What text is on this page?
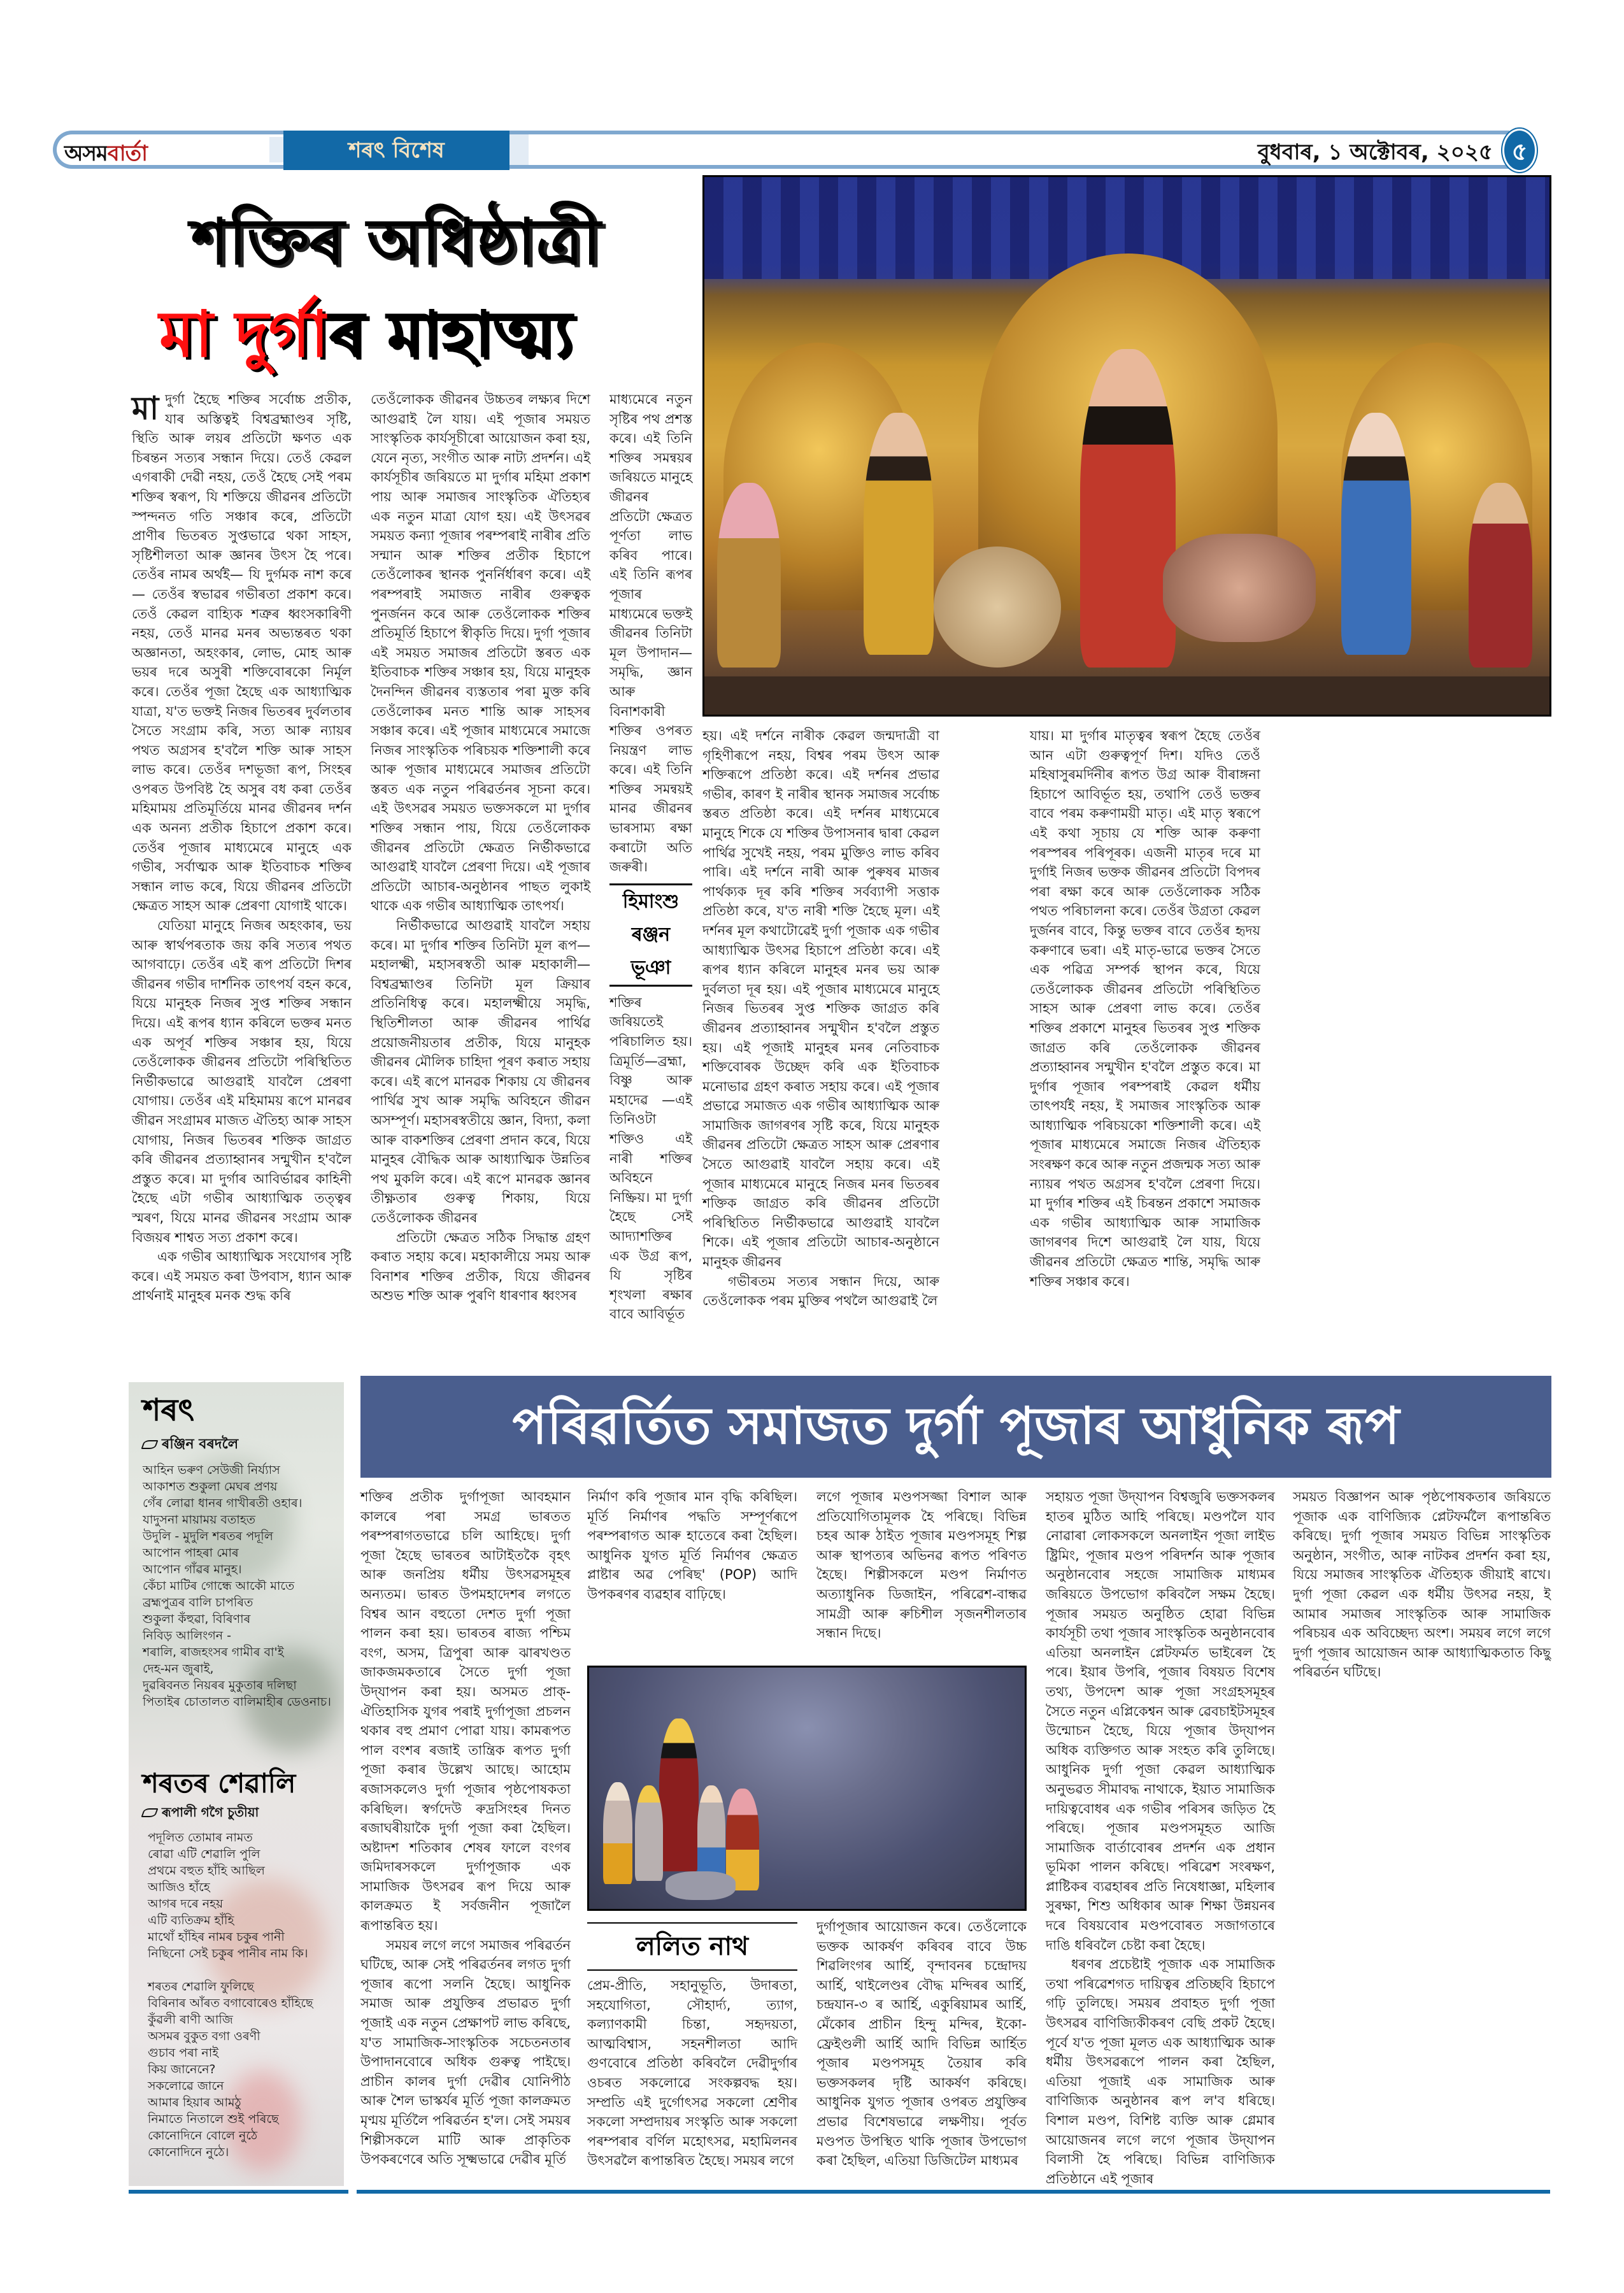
অসমবাৰ্তা	শৰৎ বিশেষ	বুধবাৰ, ১ অক্টোবৰ, ২০২৫ ৫
শক্তিৰ অধিষ্ঠাত্ৰী
মা দুৰ্গাৰ মাহাত্ম্য

মাদুৰ্গা হৈছে শক্তিৰ সৰ্বোচ্চ প্ৰতীক, যাৰ অস্তিত্বই বিশ্বব্ৰহ্মাণ্ডৰ সৃষ্টি, স্থিতি আৰু লয়ৰ প্ৰতিটো ক্ষণত এক চিৰন্তন সত্যৰ সন্ধান দিয়ে। তেওঁ কেৱল এগৰাকী দেৱী নহয়, তেওঁ হৈছে সেই পৰম শক্তিৰ স্বৰূপ, যি শক্তিয়ে জীৱনৰ প্ৰতিটো স্পন্দনত গতি সঞ্চাৰ কৰে, প্ৰতিটো প্ৰাণীৰ ভিতৰত সুপ্তভাৱে থকা সাহস, সৃষ্টিশীলতা আৰু জ্ঞানৰ উৎস হৈ পৰে। তেওঁৰ নামৰ অৰ্থই— যি দুৰ্গমক নাশ কৰে— তেওঁৰ স্বভাৱৰ গভীৰতা প্ৰকাশ কৰে। তেওঁ কেৱল বাহ্যিক শত্ৰুৰ ধ্বংসকাৰিণী নহয়, তেওঁ মানৱ মনৰ অভ্যন্তৰত থকা অজ্ঞানতা, অহংকাৰ, লোভ, মোহ আৰু ভয়ৰ দৰে অসুৰী শক্তিবোৰকো নিৰ্মূল কৰে। তেওঁৰ পূজা হৈছে এক আধ্যাত্মিক যাত্ৰা, য'ত ভক্তই নিজৰ ভিতৰৰ দুৰ্বলতাৰ সৈতে সংগ্ৰাম কৰি, সত্য আৰু ন্যায়ৰ পথত অগ্ৰসৰ হ'বলৈ শক্তি আৰু সাহস লাভ কৰে। তেওঁৰ দশভূজা ৰূপ, সিংহৰ ওপৰত উপবিষ্ট হৈ অসুৰ বধ কৰা তেওঁৰ মহিমাময় প্ৰতিমূৰ্তিয়ে মানৱ জীৱনৰ দৰ্শন এক অনন্য প্ৰতীক হিচাপে প্ৰকাশ কৰে। তেওঁৰ পূজাৰ মাধ্যমেৰে মানুহে এক গভীৰ, সৰ্বাত্মক আৰু ইতিবাচক শক্তিৰ সন্ধান লাভ কৰে, যিয়ে জীৱনৰ প্ৰতিটো ক্ষেত্ৰত সাহস আৰু প্ৰেৰণা যোগাই থাকে।

যেতিয়া মানুহে নিজৰ অহংকাৰ, ভয় আৰু স্বাৰ্থপৰতাক জয় কৰি সত্যৰ পথত আগবাঢ়ে। তেওঁৰ এই ৰূপ প্ৰতিটো দিশৰ জীৱনৰ গভীৰ দাৰ্শনিক তাৎপৰ্য বহন কৰে, যিয়ে মানুহক নিজৰ সুপ্ত শক্তিৰ সন্ধান দিয়ে। এই ৰূপৰ ধ্যান কৰিলে ভক্তৰ মনত এক অপূৰ্ব শক্তিৰ সঞ্চাৰ হয়, যিয়ে তেওঁলোকক জীৱনৰ প্ৰতিটো পৰিস্থিতিত নিৰ্ভীকভাৱে আগুৱাই যাবলৈ প্ৰেৰণা যোগায়। তেওঁৰ এই মহিমাময় ৰূপে মানৱৰ জীৱন সংগ্ৰামৰ মাজত ঐতিহ্য আৰু সাহস যোগায়, নিজৰ ভিতৰৰ শক্তিক জাগ্ৰত কৰি জীৱনৰ প্ৰত্যাহ্বানৰ সন্মুখীন হ'বলৈ প্ৰস্তুত কৰে। মা দুৰ্গাৰ আবিৰ্ভাৱৰ কাহিনী হৈছে এটা গভীৰ আধ্যাত্মিক তত্ত্বৰ স্মৰণ, যিয়ে মানৱ জীৱনৰ সংগ্ৰাম আৰু বিজয়ৰ শাশ্বত সত্য প্ৰকাশ কৰে।

এক গভীৰ আধ্যাত্মিক সংযোগৰ সৃষ্টি কৰে। এই সময়ত কৰা উপবাস, ধ্যান আৰু প্ৰাৰ্থনাই মানুহৰ মনক শুদ্ধ কৰি

তেওঁলোকক জীৱনৰ উচ্চতৰ লক্ষ্যৰ দিশে আগুৱাই লৈ যায়। এই পূজাৰ সময়ত সাংস্কৃতিক কাৰ্যসূচীৰো আয়োজন কৰা হয়, যেনে নৃত্য, সংগীত আৰু নাট্য প্ৰদৰ্শন। এই কাৰ্যসূচীৰ জৰিয়তে মা দুৰ্গাৰ মহিমা প্ৰকাশ পায় আৰু সমাজৰ সাংস্কৃতিক ঐতিহ্যৰ এক নতুন মাত্ৰা যোগ হয়। এই উৎসৱৰ সময়ত কন্যা পূজাৰ পৰম্পৰাই নাৰীৰ প্ৰতি সন্মান আৰু শক্তিৰ প্ৰতীক হিচাপে তেওঁলোকৰ স্থানক পুনৰ্নিৰ্ধাৰণ কৰে। এই পৰম্পৰাই সমাজত নাৰীৰ গুৰুত্বক পুনৰ্জনন কৰে আৰু তেওঁলোকক শক্তিৰ প্ৰতিমূৰ্তি হিচাপে স্বীকৃতি দিয়ে। দুৰ্গা পূজাৰ এই সময়ত সমাজৰ প্ৰতিটো স্তৰত এক ইতিবাচক শক্তিৰ সঞ্চাৰ হয়, যিয়ে মানুহক দৈনন্দিন জীৱনৰ ব্যস্ততাৰ পৰা মুক্ত কৰি তেওঁলোকৰ মনত শান্তি আৰু সাহসৰ সঞ্চাৰ কৰে। এই পূজাৰ মাধ্যমেৰে সমাজে নিজৰ সাংস্কৃতিক পৰিচয়ক শক্তিশালী কৰে আৰু পূজাৰ মাধ্যমেৰে সমাজৰ প্ৰতিটো স্তৰত এক নতুন পৰিৱৰ্তনৰ সূচনা কৰে। এই উৎসৱৰ সময়ত ভক্তসকলে মা দুৰ্গাৰ শক্তিৰ সন্ধান পায়, যিয়ে তেওঁলোকক জীৱনৰ প্ৰতিটো ক্ষেত্ৰত নিৰ্ভীকভাৱে আগুৱাই যাবলৈ প্ৰেৰণা দিয়ে। এই পূজাৰ প্ৰতিটো আচাৰ-অনুষ্ঠানৰ পাছত লুকাই থাকে এক গভীৰ আধ্যাত্মিক তাৎপৰ্য।

নিৰ্ভীকভাৱে আগুৱাই যাবলৈ সহায় কৰে। মা দুৰ্গাৰ শক্তিৰ তিনিটা মূল ৰূপ— মহালক্ষ্মী, মহাসৰস্বতী আৰু মহাকালী— বিশ্বব্ৰহ্মাণ্ডৰ তিনিটা মূল ক্ৰিয়াৰ প্ৰতিনিধিত্ব কৰে। মহালক্ষ্মীয়ে সমৃদ্ধি, স্থিতিশীলতা আৰু জীৱনৰ পাৰ্থিৱ প্ৰয়োজনীয়তাৰ প্ৰতীক, যিয়ে মানুহক জীৱনৰ মৌলিক চাহিদা পূৰণ কৰাত সহায় কৰে। এই ৰূপে মানৱক শিকায় যে জীৱনৰ পাৰ্থিৱ সুখ আৰু সমৃদ্ধি অবিহনে জীৱন অসম্পূৰ্ণ। মহাসৰস্বতীয়ে জ্ঞান, বিদ্যা, কলা আৰু বাকশক্তিৰ প্ৰেৰণা প্ৰদান কৰে, যিয়ে মানুহৰ বৌদ্ধিক আৰু আধ্যাত্মিক উন্নতিৰ পথ মুকলি কৰে। এই ৰূপে মানৱক জ্ঞানৰ তীক্ষ্ণতাৰ গুৰুত্ব শিকায়, যিয়ে তেওঁলোকক জীৱনৰ

প্ৰতিটো ক্ষেত্ৰত সঠিক সিদ্ধান্ত গ্ৰহণ কৰাত সহায় কৰে। মহাকালীয়ে সময় আৰু বিনাশৰ শক্তিৰ প্ৰতীক, যিয়ে জীৱনৰ অশুভ শক্তি আৰু পুৰণি ধাৰণাৰ ধ্বংসৰ

মাধ্যমেৰে নতুন সৃষ্টিৰ পথ প্ৰশস্ত কৰে। এই তিনি শক্তিৰ সমন্বয়ৰ জৰিয়তে মানুহে জীৱনৰ প্ৰতিটো ক্ষেত্ৰত পূৰ্ণতা লাভ কৰিব পাৰে। এই তিনি ৰূপৰ পূজাৰ মাধ্যমেৰে ভক্তই জীৱনৰ তিনিটা মূল উপাদান— সমৃদ্ধি, জ্ঞান আৰু বিনাশকাৰী শক্তিৰ ওপৰত নিয়ন্ত্ৰণ লাভ কৰে। এই তিনি শক্তিৰ সমন্বয়ই মানৱ জীৱনৰ ভাৰসাম্য ৰক্ষা কৰাটো অতি জৰুৰী।

হিমাংশু ৰঞ্জন ভূঞা

শক্তিৰ জৰিয়তেই পৰিচালিত হয়। ত্ৰিমূৰ্তি—ব্ৰহ্মা, বিষ্ণু আৰু মহাদেৱ —এই তিনিওটা শক্তিও এই নাৰী শক্তিৰ অবিহনে নিষ্ক্ৰিয়। মা দুৰ্গা হৈছে সেই আদ্যাশক্তিৰ এক উগ্ৰ ৰূপ, যি সৃষ্টিৰ শৃংখলা ৰক্ষাৰ বাবে আবিৰ্ভূত

হয়। এই দৰ্শনে নাৰীক কেৱল জন্মদাত্ৰী বা গৃহিণীৰূপে নহয়, বিশ্বৰ পৰম উৎস আৰু শক্তিৰূপে প্ৰতিষ্ঠা কৰে। এই দৰ্শনৰ প্ৰভাৱ গভীৰ, কাৰণ ই নাৰীৰ স্থানক সমাজৰ সৰ্বোচ্চ স্তৰত প্ৰতিষ্ঠা কৰে। এই দৰ্শনৰ মাধ্যমেৰে মানুহে শিকে যে শক্তিৰ উপাসনাৰ দ্বাৰা কেৱল পাৰ্থিৱ সুখেই নহয়, পৰম মুক্তিও লাভ কৰিব পাৰি। এই দৰ্শনে নাৰী আৰু পুৰুষৰ মাজৰ পাৰ্থক্যক দূৰ কৰি শক্তিৰ সৰ্বব্যাপী সত্তাক প্ৰতিষ্ঠা কৰে, য'ত নাৰী শক্তি হৈছে মূল। এই দৰ্শনৰ মূল কথাটোৱেই দুৰ্গা পূজাক এক গভীৰ আধ্যাত্মিক উৎসৱ হিচাপে প্ৰতিষ্ঠা কৰে। এই ৰূপৰ ধ্যান কৰিলে মানুহৰ মনৰ ভয় আৰু দুৰ্বলতা দূৰ হয়। এই পূজাৰ মাধ্যমেৰে মানুহে নিজৰ ভিতৰৰ সুপ্ত শক্তিক জাগ্ৰত কৰি জীৱনৰ প্ৰত্যাহ্বানৰ সন্মুখীন হ'বলৈ প্ৰস্তুত হয়। এই পূজাই মানুহৰ মনৰ নেতিবাচক শক্তিবোৰক উচ্ছেদ কৰি এক ইতিবাচক মনোভাৱ গ্ৰহণ কৰাত সহায় কৰে। এই পূজাৰ প্ৰভাৱে সমাজত এক গভীৰ আধ্যাত্মিক আৰু সামাজিক জাগৰণৰ সৃষ্টি কৰে, যিয়ে মানুহক জীৱনৰ প্ৰতিটো ক্ষেত্ৰত সাহস আৰু প্ৰেৰণাৰ সৈতে আগুৱাই যাবলৈ সহায় কৰে। এই পূজাৰ মাধ্যমেৰে মানুহে নিজৰ মনৰ ভিতৰৰ শক্তিক জাগ্ৰত কৰি জীৱনৰ প্ৰতিটো পৰিস্থিতিত নিৰ্ভীকভাৱে আগুৱাই যাবলৈ শিকে। এই পূজাৰ প্ৰতিটো আচাৰ-অনুষ্ঠানে মানুহক জীৱনৰ

গভীৰতম সত্যৰ সন্ধান দিয়ে, আৰু তেওঁলোকক পৰম মুক্তিৰ পথলৈ আগুৱাই লৈ

যায়। মা দুৰ্গাৰ মাতৃত্বৰ স্বৰূপ হৈছে তেওঁৰ আন এটা গুৰুত্বপূৰ্ণ দিশ। যদিও তেওঁ মহিষাসুৰমৰ্দিনীৰ ৰূপত উগ্ৰ আৰু বীৰাঙ্গনা হিচাপে আবিৰ্ভূত হয়, তথাপি তেওঁ ভক্তৰ বাবে পৰম কৰুণাময়ী মাতৃ। এই মাতৃ স্বৰূপে এই কথা সূচায় যে শক্তি আৰু কৰুণা পৰস্পৰৰ পৰিপূৰক। এজনী মাতৃৰ দৰে মা দুৰ্গাই নিজৰ ভক্তক জীৱনৰ প্ৰতিটো বিপদৰ পৰা ৰক্ষা কৰে আৰু তেওঁলোকক সঠিক পথত পৰিচালনা কৰে। তেওঁৰ উগ্ৰতা কেৱল দুৰ্জনৰ বাবে, কিন্তু ভক্তৰ বাবে তেওঁৰ হৃদয় কৰুণাৰে ভৰা। এই মাতৃ-ভাৱে ভক্তৰ সৈতে এক পৱিত্ৰ সম্পৰ্ক স্থাপন কৰে, যিয়ে তেওঁলোকক জীৱনৰ প্ৰতিটো পৰিস্থিতিত সাহস আৰু প্ৰেৰণা লাভ কৰে। তেওঁৰ শক্তিৰ প্ৰকাশে মানুহৰ ভিতৰৰ সুপ্ত শক্তিক জাগ্ৰত কৰি তেওঁলোকক জীৱনৰ প্ৰত্যাহ্বানৰ সন্মুখীন হ'বলৈ প্ৰস্তুত কৰে। মা দুৰ্গাৰ পূজাৰ পৰম্পৰাই কেৱল ধৰ্মীয় তাৎপৰ্যই নহয়, ই সমাজৰ সাংস্কৃতিক আৰু আধ্যাত্মিক পৰিচয়কো শক্তিশালী কৰে। এই পূজাৰ মাধ্যমেৰে সমাজে নিজৰ ঐতিহ্যক সংৰক্ষণ কৰে আৰু নতুন প্ৰজন্মক সত্য আৰু ন্যায়ৰ পথত অগ্ৰসৰ হ'বলৈ প্ৰেৰণা দিয়ে। মা দুৰ্গাৰ শক্তিৰ এই চিৰন্তন প্ৰকাশে সমাজক এক গভীৰ আধ্যাত্মিক আৰু সামাজিক জাগৰণৰ দিশে আগুৱাই লৈ যায়, যিয়ে জীৱনৰ প্ৰতিটো ক্ষেত্ৰত শান্তি, সমৃদ্ধি আৰু শক্তিৰ সঞ্চাৰ কৰে।

শৰৎ
ৰঞ্জিন বৰদলৈ
আহিন ভৰুণ সেউজী নিৰ্য্যাস
আকাশত শুকুলা মেঘৰ প্ৰণয়
গেঁৰ লোৱা ধানৰ গাখীৰতী ওহাৰ।
যাদুসনা মায়াময় বতাহত
উদুলি - মুদুলি শৰতৰ পদূলি
আপোন পাহৰা মোৰ
আপোন গাঁৱৰ মানুহ।
কেঁচা মাটিৰ গোন্ধে আকৌ মাতে
ব্ৰহ্মপুত্ৰৰ বালি চাপৰিত
শুকুলা কঁহুৱা, বিৰিণাৰ
নিবিড় আলিংগন -
শৰালি, ৰাজহংসৰ গামীৰ বা'ই
দেহ-মন জুৰাই,
দুৱৰিবনত নিয়ৰৰ মুকুতাৰ দলিছা
পিতাইৰ চোতালত বালিমাহীৰ ডেওনাচ।
শৰতৰ শেৱালি
ৰূপালী গগৈ চুতীয়া
পদূলিত তোমাৰ নামত
ৰোৱা এটি শেৱালি পুলি
প্ৰথমে বহুত হাঁহি আছিল
আজিও হাঁহে
আগৰ দৰে নহয়
এটি ব্যতিক্ৰম হাঁহি
মাথোঁ হাঁহিৰ নামৰ চকুৰ পানী
নিছিনো সেই চকুৰ পানীৰ নাম কি।

শৰতৰ শেৱালি ফুলিছে
বিৰিনাৰ আঁৰত বগাবোৰেও হাঁহিছে
কুঁৱলী ৰাণী আজি
অসমৰ বুকুত বগা ওৰণী
গুচাব পৰা নাই
কিয় জানেনে?
সকলোৱে জানে
আমাৰ হিয়াৰ আমঠু
নিমাতে নিতালে শুই পৰিছে
কোনোদিনে বোলে নুঠে
কোনোদিনে নুঠে।
পৰিৱৰ্তিত সমাজত দুৰ্গা পূজাৰ আধুনিক ৰূপ

শক্তিৰ প্ৰতীক দুৰ্গাপূজা আবহমান কালৰে পৰা সমগ্ৰ ভাৰতত পৰম্পৰাগতভাৱে চলি আহিছে। দুৰ্গা পূজা হৈছে ভাৰতৰ আটাইতকৈ বৃহৎ আৰু জনপ্ৰিয় ধৰ্মীয় উৎসৱসমূহৰ অন্যতম। ভাৰত উপমহাদেশৰ লগতে বিশ্বৰ আন বহুতো দেশত দুৰ্গা পূজা পালন কৰা হয়। ভাৰতৰ ৰাজ্য পশ্চিম বংগ, অসম, ত্ৰিপুৰা আৰু ঝাৰখণ্ডত জাকজমকতাৰে সৈতে দুৰ্গা পূজা উদ্‌যাপন কৰা হয়। অসমত প্ৰাক্-ঐতিহাসিক যুগৰ পৰাই দুৰ্গাপূজা প্ৰচলন থকাৰ বহু প্ৰমাণ পোৱা যায়। কামৰূপত পাল বংশৰ ৰজাই তান্ত্ৰিক ৰূপত দুৰ্গা পূজা কৰাৰ উল্লেখ আছে। আহোম ৰজাসকলেও দুৰ্গা পূজাৰ পৃষ্ঠপোষকতা কৰিছিল। স্বৰ্গদেউ ৰুদ্ৰসিংহৰ দিনত ৰজাঘৰীয়াকৈ দুৰ্গা পূজা কৰা হৈছিল। অষ্টাদশ শতিকাৰ শেষৰ ফালে বংগৰ জমিদাৰসকলে দুৰ্গাপূজাক এক সামাজিক উৎসৱৰ ৰূপ দিয়ে আৰু কালক্ৰমত ই সৰ্বজনীন পূজালৈ ৰূপান্তৰিত হয়।

সময়ৰ লগে লগে সমাজৰ পৰিৱৰ্তন ঘটিছে, আৰু সেই পৰিৱৰ্তনৰ লগত দুৰ্গা পূজাৰ ৰূপো সলনি হৈছে। আধুনিক সমাজ আৰু প্ৰযুক্তিৰ প্ৰভাৱত দুৰ্গা পূজাই এক নতুন প্ৰেক্ষাপট লাভ কৰিছে, য'ত সামাজিক-সাংস্কৃতিক সচেতনতাৰ উপাদানবোৰে অধিক গুৰুত্ব পাইছে। প্ৰাচীন কালৰ দুৰ্গা দেৱীৰ যোনিপীঠ আৰু শৈল ভাস্কৰ্যৰ মূৰ্তি পূজা কালক্ৰমত মৃণ্ময় মূৰ্তিলৈ পৰিৱৰ্তন হ'ল। সেই সময়ৰ শিল্পীসকলে মাটি আৰু প্ৰাকৃতিক উপকৰণেৰে অতি সূক্ষ্মভাৱে দেৱীৰ মূৰ্তি

নিৰ্মাণ কৰি পূজাৰ মান বৃদ্ধি কৰিছিল। মূৰ্তি নিৰ্মাণৰ পদ্ধতি সম্পূৰ্ণৰূপে পৰম্পৰাগত আৰু হাতেৰে কৰা হৈছিল। আধুনিক যুগত মূৰ্তি নিৰ্মাণৰ ক্ষেত্ৰত প্লাষ্টাৰ অৱ পেৰিছ' (POP) আদি উপকৰণৰ ব্যৱহাৰ বাঢ়িছে।

ললিত নাথ

প্ৰেম-প্ৰীতি, সহানুভূতি, উদাৰতা, সহযোগিতা, সৌহাৰ্দ্য, ত্যাগ, কল্যাণকামী চিন্তা, সহৃদয়তা, আত্মবিশ্বাস, সহনশীলতা আদি গুণবোৰে প্ৰতিষ্ঠা কৰিবলৈ দেৱীদুৰ্গাৰ ওচৰত সকলোৱে সংকল্পবদ্ধ হয়। সম্প্ৰতি এই দুৰ্গোৎসৱ সকলো শ্ৰেণীৰ সকলো সম্প্ৰদায়ৰ সংস্কৃতি আৰু সকলো পৰম্পৰাৰ বৰ্ণিল মহোৎসৱ, মহামিলনৰ উৎসৱলৈ ৰূপান্তৰিত হৈছে। সময়ৰ লগে

লগে পূজাৰ মণ্ডপসজ্জা বিশাল আৰু প্ৰতিযোগিতামূলক হৈ পৰিছে। বিভিন্ন চহৰ আৰু ঠাইত পূজাৰ মণ্ডপসমূহ শিল্প আৰু স্থাপত্যৰ অভিনৱ ৰূপত পৰিণত হৈছে। শিল্পীসকলে মণ্ডপ নিৰ্মাণত অত্যাধুনিক ডিজাইন, পৰিৱেশ-বান্ধৱ সামগ্ৰী আৰু ৰুচিশীল সৃজনশীলতাৰ সন্ধান দিছে।

দুৰ্গাপূজাৰ আয়োজন কৰে। তেওঁলোকে ভক্তক আকৰ্ষণ কৰিবৰ বাবে উচ্চ শিৱলিংগৰ আৰ্হি, বৃন্দাবনৰ চন্দ্ৰোদয় আৰ্হি, থাইলেণ্ডৰ বৌদ্ধ মন্দিৰৰ আৰ্হি, চন্দ্ৰযান-৩ ৰ আৰ্হি, একুৰিয়ামৰ আৰ্হি, মেঁকোৰ প্ৰাচীন হিন্দু মন্দিৰ, ইকো-ফ্ৰেইণ্ডলী আৰ্হি আদি বিভিন্ন আৰ্হিত পূজাৰ মণ্ডপসমূহ তৈয়াৰ কৰি ভক্তসকলৰ দৃষ্টি আকৰ্ষণ কৰিছে। আধুনিক যুগত পূজাৰ ওপৰত প্ৰযুক্তিৰ প্ৰভাৱ বিশেষভাৱে লক্ষণীয়। পূৰ্বত মণ্ডপত উপস্থিত থাকি পূজাৰ উপভোগ কৰা হৈছিল, এতিয়া ডিজিটেল মাধ্যমৰ

সহায়ত পূজা উদ্‌যাপন বিশ্বজুৰি ভক্তসকলৰ হাতৰ মুঠিত আহি পৰিছে। মণ্ডপলৈ যাব নোৱাৰা লোকসকলে অনলাইন পূজা লাইভ ষ্ট্ৰিমিং, পূজাৰ মণ্ডপ পৰিদৰ্শন আৰু পূজাৰ অনুষ্ঠানবোৰ সহজে সামাজিক মাধ্যমৰ জৰিয়তে উপভোগ কৰিবলৈ সক্ষম হৈছে। পূজাৰ সময়ত অনুষ্ঠিত হোৱা বিভিন্ন কাৰ্যসূচী তথা পূজাৰ সাংস্কৃতিক অনুষ্ঠানবোৰ এতিয়া অনলাইন প্লেটফৰ্মত ভাইৰেল হৈ পৰে। ইয়াৰ উপৰি, পূজাৰ বিষয়ত বিশেষ তথ্য, উপদেশ আৰু পূজা সংগ্ৰহসমূহৰ সৈতে নতুন এপ্লিকেশ্বন আৰু ৱেবচাইটসমূহৰ উন্মোচন হৈছে, যিয়ে পূজাৰ উদ্‌যাপন অধিক ব্যক্তিগত আৰু সংহত কৰি তুলিছে। আধুনিক দুৰ্গা পূজা কেৱল আধ্যাত্মিক অনুভৱত সীমাবদ্ধ নাথাকে, ইয়াত সামাজিক দায়িত্ববোধৰ এক গভীৰ পৰিসৰ জড়িত হৈ পৰিছে। পূজাৰ মণ্ডপসমূহত আজি সামাজিক বাৰ্তাবোৰৰ প্ৰদৰ্শন এক প্ৰধান ভূমিকা পালন কৰিছে। পৰিৱেশ সংৰক্ষণ, প্লাষ্টিকৰ ব্যৱহাৰৰ প্ৰতি নিষেধাজ্ঞা, মহিলাৰ সুৰক্ষা, শিশু অধিকাৰ আৰু শিক্ষা উন্নয়নৰ দৰে বিষয়বোৰ মণ্ডপবোৰত সজাগতাৰে দাঙি ধৰিবলৈ চেষ্টা কৰা হৈছে।

ধৰণৰ প্ৰচেষ্টাই পূজাক এক সামাজিক তথা পৰিৱেশগত দায়িত্বৰ প্ৰতিচ্ছবি হিচাপে গঢ়ি তুলিছে। সময়ৰ প্ৰবাহত দুৰ্গা পূজা উৎসৱৰ বাণিজ্যিকীকৰণ বেছি প্ৰকট হৈছে। পূৰ্বে য'ত পূজা মূলত এক আধ্যাত্মিক আৰু ধৰ্মীয় উৎসৱৰূপে পালন কৰা হৈছিল, এতিয়া পূজাই এক সামাজিক আৰু বাণিজ্যিক অনুষ্ঠানৰ ৰূপ ল'ব ধৰিছে। বিশাল মণ্ডপ, বিশিষ্ট ব্যক্তি আৰু গ্লেমাৰ আয়োজনৰ লগে লগে পূজাৰ উদ্‌যাপন বিলাসী হৈ পৰিছে। বিভিন্ন বাণিজ্যিক প্ৰতিষ্ঠানে এই পূজাৰ

সময়ত বিজ্ঞাপন আৰু পৃষ্ঠপোষকতাৰ জৰিয়তে পূজাক এক বাণিজ্যিক প্লেটফৰ্মলৈ ৰূপান্তৰিত কৰিছে। দুৰ্গা পূজাৰ সময়ত বিভিন্ন সাংস্কৃতিক অনুষ্ঠান, সংগীত, আৰু নাটকৰ প্ৰদৰ্শন কৰা হয়, যিয়ে সমাজৰ সাংস্কৃতিক ঐতিহ্যক জীয়াই ৰাখে। দুৰ্গা পূজা কেৱল এক ধৰ্মীয় উৎসৱ নহয়, ই আমাৰ সমাজৰ সাংস্কৃতিক আৰু সামাজিক পৰিচয়ৰ এক অবিচ্ছেদ্য অংশ। সময়ৰ লগে লগে দুৰ্গা পূজাৰ আয়োজন আৰু আধ্যাত্মিকতাত কিছু পৰিৱৰ্তন ঘটিছে।
